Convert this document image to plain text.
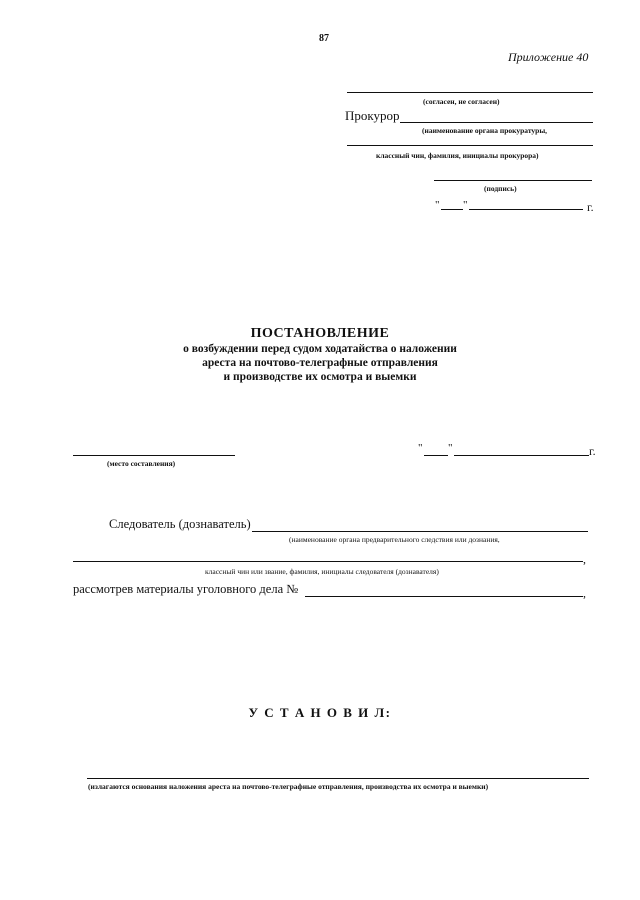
87
Приложение 40
(согласен, не согласен)
Прокурор
(наименование органа прокуратуры,
классный чин, фамилия, инициалы прокурора)
(подпись)
" "	г.
ПОСТАНОВЛЕНИЕ
о возбуждении перед судом ходатайства о наложении
ареста на почтово-телеграфные отправления
и производстве их осмотра и выемки
(место составления)
" "	г.
Следователь (дознаватель)
(наименование органа предварительного следствия или дознания,
,
классный чин или звание, фамилия, инициалы следователя (дознавателя)
рассмотрев материалы уголовного дела №	,
У С Т А Н О В И Л:
(излагаются основания наложения ареста на почтово-телеграфные отправления, производства их осмотра и выемки)
